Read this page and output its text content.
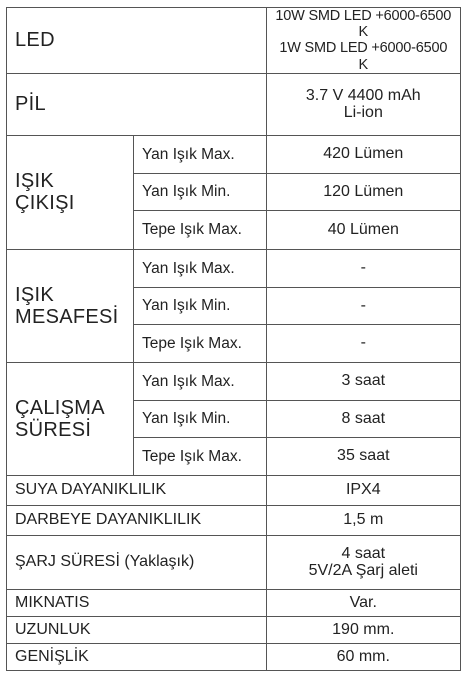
LED		10W SMD LED +6000-6500 K
1W SMD LED +6000-6500 K

PİL		3.7 V 4400 mAh
Li-ion

IŞIK
ÇIKIŞI	Yan Işık Max.	420 Lümen
	Yan Işık Min.	120 Lümen
	Tepe Işık Max.	40 Lümen

IŞIK
MESAFESİ	Yan Işık Max.	-
	Yan Işık Min.	-
	Tepe Işık Max.	-

ÇALIŞMA
SÜRESİ	Yan Işık Max.	3 saat
	Yan Işık Min.	8 saat
	Tepe Işık Max.	35 saat
SUYA DAYANIKLILIK		IPX4
DARBEYE DAYANIKLILIK		1,5 m
ŞARJ SÜRESİ (Yaklaşık)		4 saat
5V/2A Şarj aleti

MIKNATIS		Var.
UZUNLUK		190 mm.
GENİŞLİK		60 mm.
